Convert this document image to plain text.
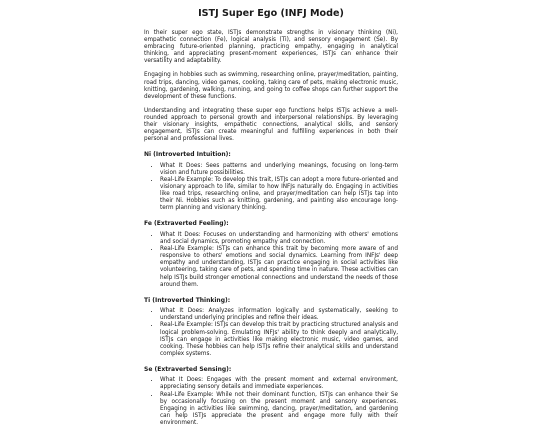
ISTJ Super Ego (INFJ Mode)

In their super ego state, ISTJs demonstrate strengths in visionary thinking (Ni), empathetic connection (Fe), logical analysis (Ti), and sensory engagement (Se). By embracing future-oriented planning, practicing empathy, engaging in analytical thinking, and appreciating present-moment experiences, ISTJs can enhance their versatility and adaptability.

Engaging in hobbies such as swimming, researching online, prayer/meditation, painting, road trips, dancing, video games, cooking, taking care of pets, making electronic music, knitting, gardening, walking, running, and going to coffee shops can further support the development of these functions.

Understanding and integrating these super ego functions helps ISTJs achieve a well-rounded approach to personal growth and interpersonal relationships. By leveraging their visionary insights, empathetic connections, analytical skills, and sensory engagement, ISTJs can create meaningful and fulfilling experiences in both their personal and professional lives.

Ni (Introverted Intuition):
• What It Does: Sees patterns and underlying meanings, focusing on long-term vision and future possibilities.
• Real-Life Example: To develop this trait, ISTJs can adopt a more future-oriented and visionary approach to life, similar to how INFJs naturally do. Engaging in activities like road trips, researching online, and prayer/meditation can help ISTJs tap into their Ni. Hobbies such as knitting, gardening, and painting also encourage long-term planning and visionary thinking.
Fe (Extraverted Feeling):
• What It Does: Focuses on understanding and harmonizing with others' emotions and social dynamics, promoting empathy and connection.
• Real-Life Example: ISTJs can enhance this trait by becoming more aware of and responsive to others' emotions and social dynamics. Learning from INFJs' deep empathy and understanding, ISTJs can practice engaging in social activities like volunteering, taking care of pets, and spending time in nature. These activities can help ISTJs build stronger emotional connections and understand the needs of those around them.
Ti (Introverted Thinking):
• What It Does: Analyzes information logically and systematically, seeking to understand underlying principles and refine their ideas.
• Real-Life Example: ISTJs can develop this trait by practicing structured analysis and logical problem-solving. Emulating INFJs' ability to think deeply and analytically, ISTJs can engage in activities like making electronic music, video games, and cooking. These hobbies can help ISTJs refine their analytical skills and understand complex systems.
Se (Extraverted Sensing):
• What It Does: Engages with the present moment and external environment, appreciating sensory details and immediate experiences.
• Real-Life Example: While not their dominant function, ISTJs can enhance their Se by occasionally focusing on the present moment and sensory experiences. Engaging in activities like swimming, dancing, prayer/meditation, and gardening can help ISTJs appreciate the present and engage more fully with their environment.
